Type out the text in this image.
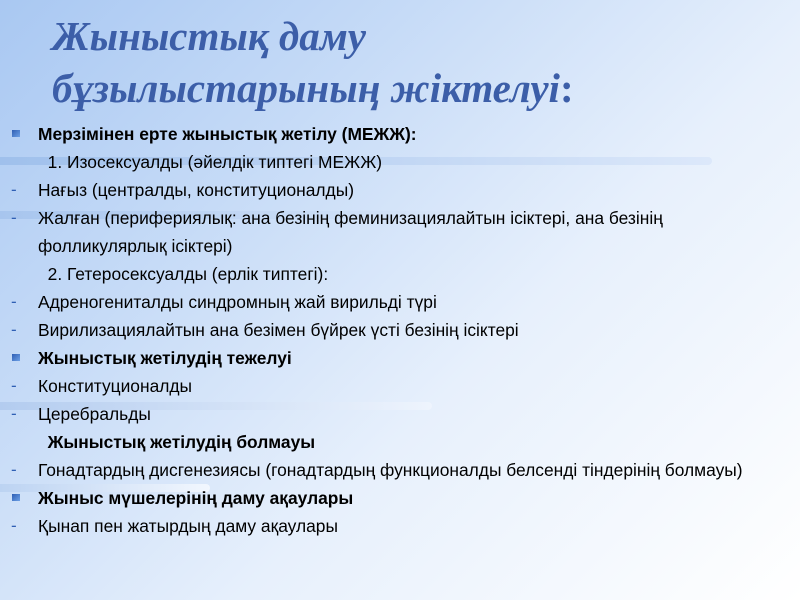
Жыныстық даму
бұзылыстарының жіктелуі:
Мерзімінен ерте жыныстық жетілу (МЕЖЖ):
1. Изосексуалды (әйелдік типтегі МЕЖЖ)
-	Нағыз (централды, конституционалды)
-	Жалған (перифериялық: ана безінің феминизациялайтын ісіктері, ана безінің фолликулярлық ісіктері)
2. Гетеросексуалды (ерлік типтегі):
-	Адреногениталды синдромның жай вирильді түрі
-	Вирилизациялайтын ана безімен бүйрек үсті безінің ісіктері
Жыныстық жетілудің тежелуі
-	Конституционалды
-	Церебральды
Жыныстық жетілудің болмауы
-	Гонадтардың дисгенезиясы (гонадтардың функционалды белсенді тіндерінің болмауы)
Жыныс мүшелерінің даму ақаулары
-	Қынап пен жатырдың даму ақаулары
